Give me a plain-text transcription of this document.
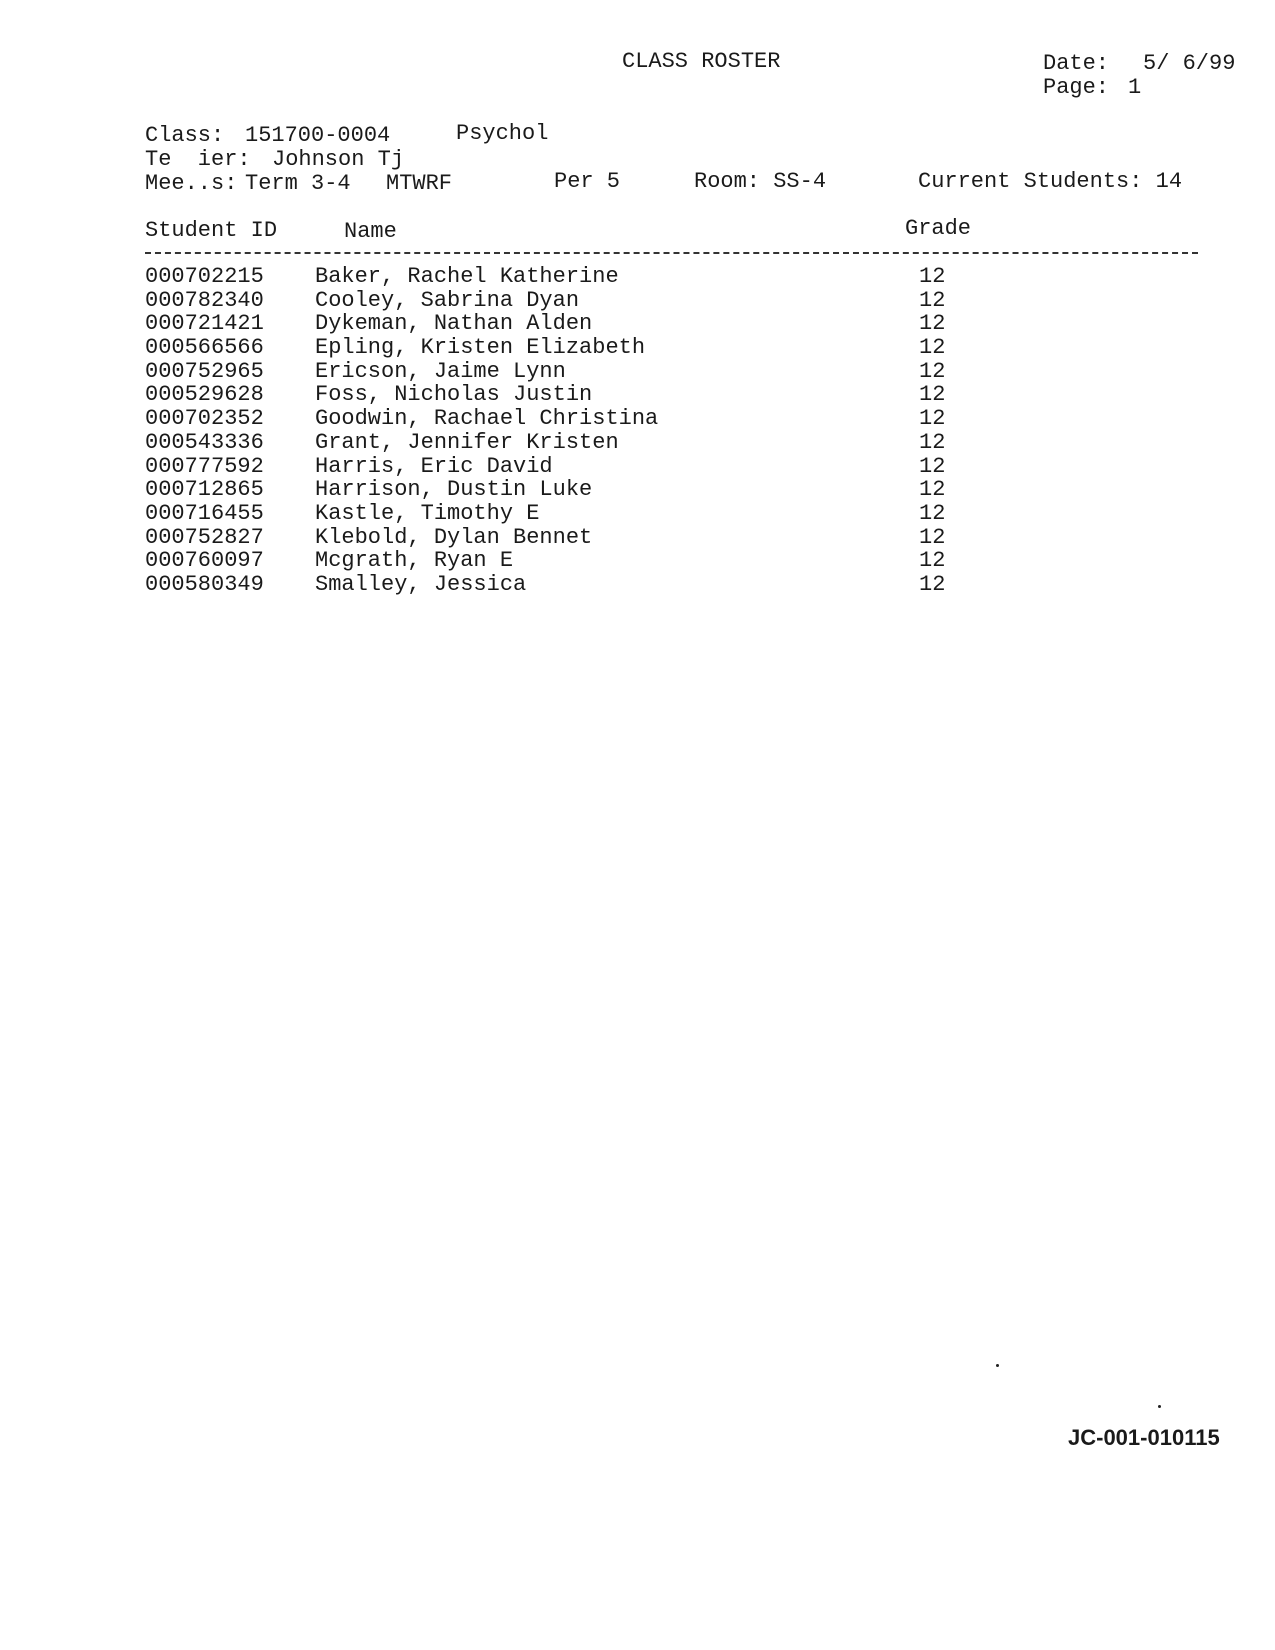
CLASS ROSTER	Date: 5/ 6/99
Page: 1
Class: 151700-0004	Psychol
Te  ier: Johnson Tj
Mee..s: Term 3-4 MTWRF	Per 5	Room: SS-4	Current Students: 14
Student ID	Name	Grade
000702215	Baker, Rachel Katherine	12
000782340	Cooley, Sabrina Dyan	12
000721421	Dykeman, Nathan Alden	12
000566566	Epling, Kristen Elizabeth	12
000752965	Ericson, Jaime Lynn	12
000529628	Foss, Nicholas Justin	12
000702352	Goodwin, Rachael Christina	12
000543336	Grant, Jennifer Kristen	12
000777592	Harris, Eric David	12
000712865	Harrison, Dustin Luke	12
000716455	Kastle, Timothy E	12
000752827	Klebold, Dylan Bennet	12
000760097	Mcgrath, Ryan E	12
000580349	Smalley, Jessica	12
JC-001-010115
